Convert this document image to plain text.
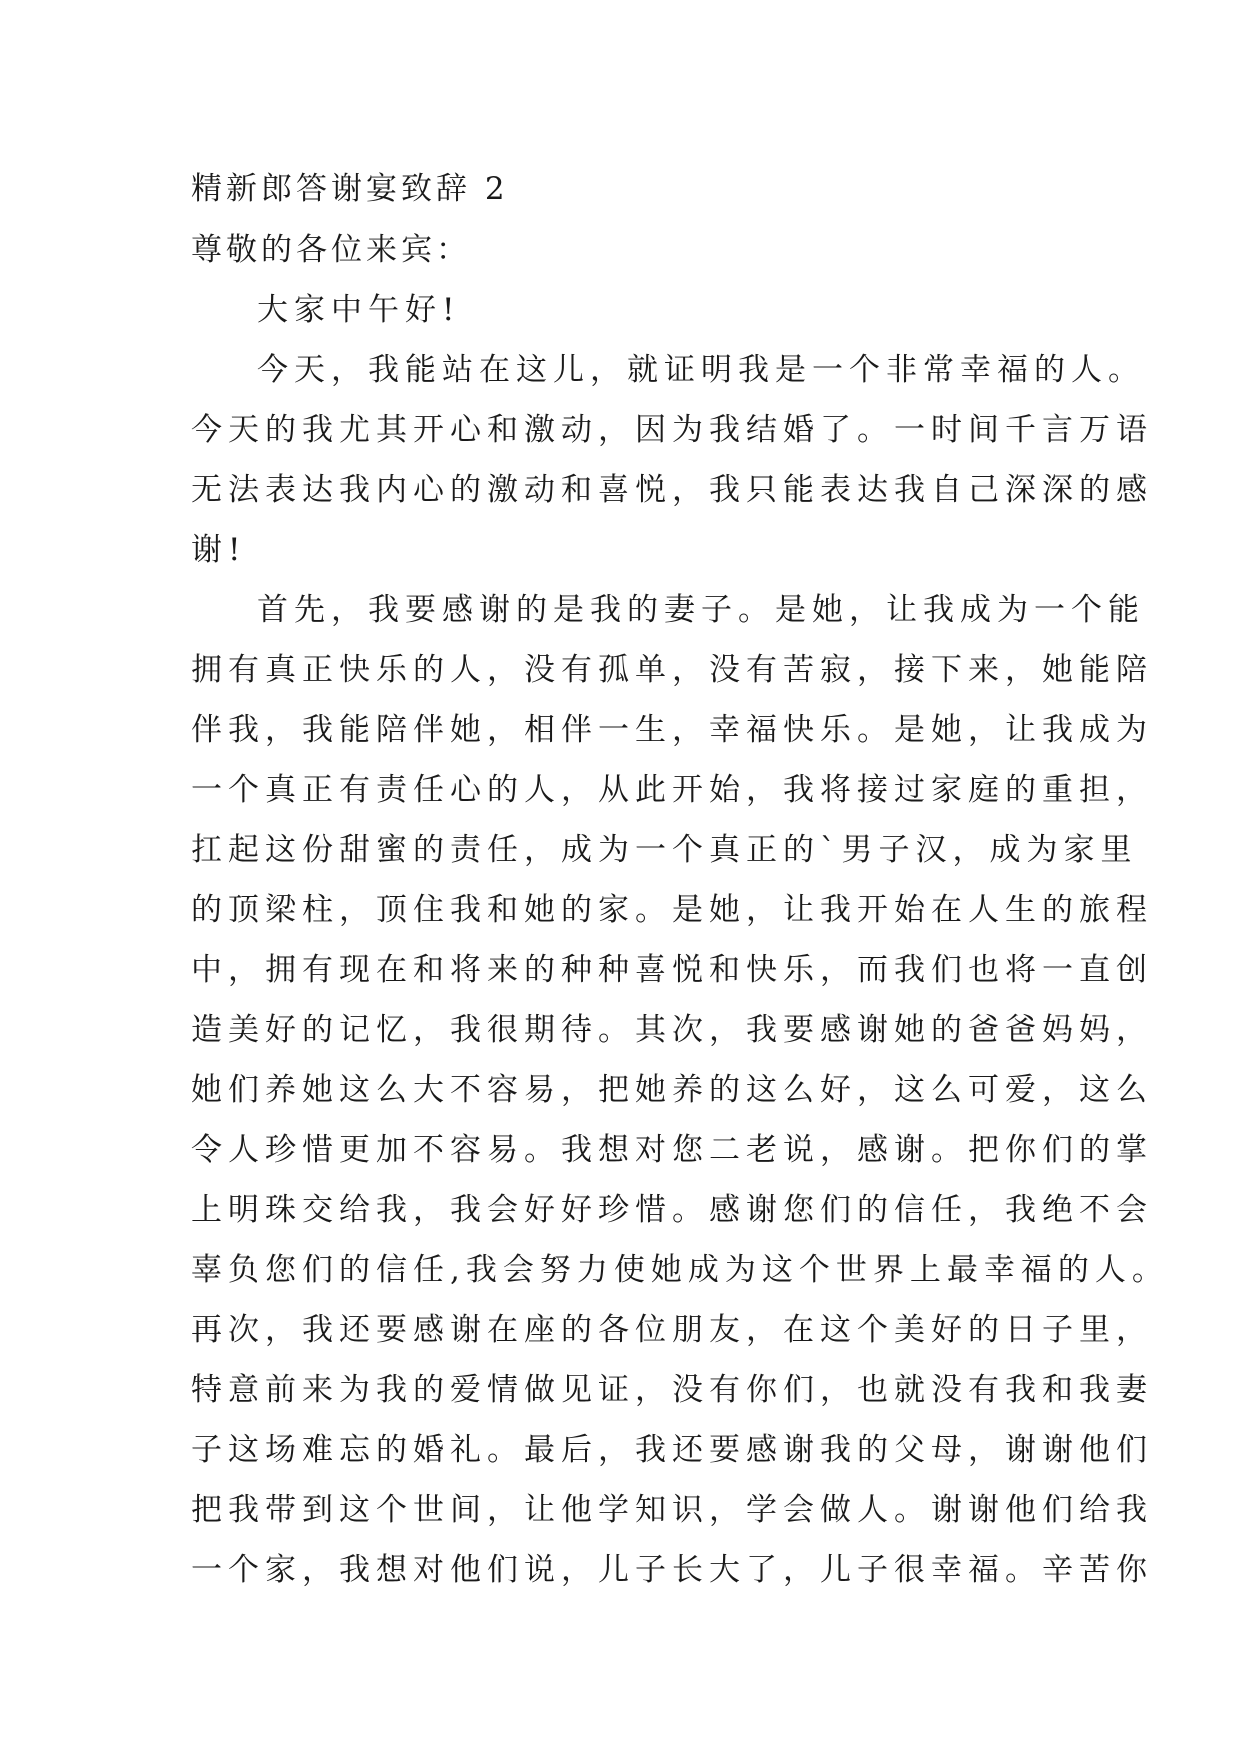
精新郎答谢宴致辞 2
尊敬的各位来宾：
大家中午好!
今天，我能站在这儿，就证明我是一个非常幸福的人。
今天的我尤其开心和激动，因为我结婚了。一时间千言万语
无法表达我内心的激动和喜悦，我只能表达我自己深深的感
谢!
首先，我要感谢的是我的妻子。是她，让我成为一个能
拥有真正快乐的人，没有孤单，没有苦寂，接下来，她能陪
伴我，我能陪伴她，相伴一生，幸福快乐。是她，让我成为
一个真正有责任心的人，从此开始，我将接过家庭的重担，
扛起这份甜蜜的责任，成为一个真正的`男子汉，成为家里
的顶梁柱，顶住我和她的家。是她，让我开始在人生的旅程
中，拥有现在和将来的种种喜悦和快乐，而我们也将一直创
造美好的记忆，我很期待。其次，我要感谢她的爸爸妈妈，
她们养她这么大不容易，把她养的这么好，这么可爱，这么
令人珍惜更加不容易。我想对您二老说，感谢。把你们的掌
上明珠交给我，我会好好珍惜。感谢您们的信任，我绝不会
辜负您们的信任,我会努力使她成为这个世界上最幸福的人。
再次，我还要感谢在座的各位朋友，在这个美好的日子里，
特意前来为我的爱情做见证，没有你们，也就没有我和我妻
子这场难忘的婚礼。最后，我还要感谢我的父母，谢谢他们
把我带到这个世间，让他学知识，学会做人。谢谢他们给我
一个家，我想对他们说，儿子长大了，儿子很幸福。辛苦你
